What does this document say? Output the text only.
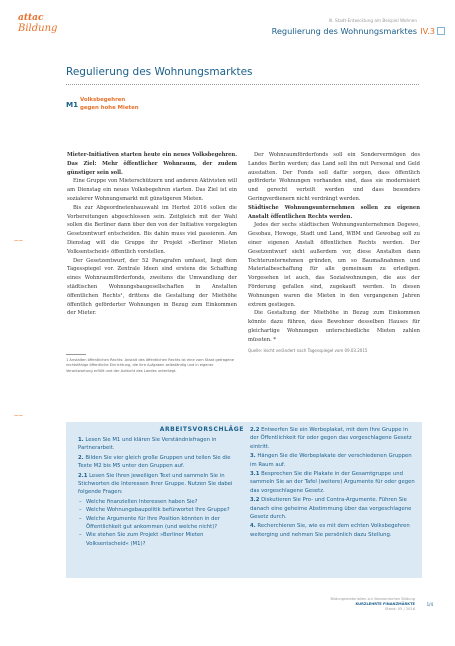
attac
Bildung
III. Stadt-Entwicklung am Beispiel Wohnen
Regulierung des Wohnungsmarktes IV.3
‒‒
‒‒
Regulierung des Wohnungsmarktes
M1 Volksbegehren
gegen hohe Mieten

Mieter-Initiativen starten heute ein neues Volksbegehren. Das Ziel: Mehr öffentlicher Wohnraum, der zudem günstiger sein soll.

Eine Gruppe von Mieterschützern und anderen Aktivisten will am Dienstag ein neues Volksbegehren starten. Das Ziel ist ein sozialerer Wohnungsmarkt mit günstigeren Mieten.

Bis zur Abgeordnetenhauswahl im Herbst 2016 sollen die Vorbereitungen abgeschlossen sein. Zeitgleich mit der Wahl sollen die Berliner dann über den von der Initiative vorgelegten Gesetzentwurf entscheiden. Bis dahin muss viel passieren. Am Dienstag will die Gruppe ihr Projekt »Berliner Mieten Volksentscheid« öffentlich vorstellen.

Der Gesetzentwurf, der 52 Paragrafen umfasst, liegt dem Tagesspiegel vor. Zentrale Ideen sind erstens die Schaffung eines Wohnraumförderfonds, zweitens die Umwandlung der städtischen Wohnungsbaugesellschaften in Anstalten öffentlichen Rechts¹, drittens die Gestaltung der Miethöhe öffentlich geförderter Wohnungen in Bezug zum Einkommen der Mieter.

Der Wohnraumförderfonds soll ein Sondervermögen des Landes Berlin werden; das Land soll ihn mit Personal und Geld ausstatten. Der Fonds soll dafür sorgen, dass öffentlich geförderte Wohnungen vorhanden sind, dass sie modernisiert und gerecht verteilt werden und dass besonders Geringverdienern nicht verdrängt werden.

Städtische Wohnungsunternehmen sollen zu eigenen Anstalt öffentlichen Rechts werden.

Jedes der sechs städtischen Wohnungsunternehmen Degewo, Gesobau, Howoge, Stadt und Land, WBM und Gewobag soll zu einer eigenen Anstalt öffentlichen Rechts werden. Der Gesetzentwurf sieht außerdem vor, diese Anstalten dann Tochterunternehmen gründen, um so Baumaßnahmen und Materialbeschaffung für alle gemeinsam zu erledigen. Vorgesehen ist auch, das Sozialwohnungen, die aus der Förderung gefallen sind, zugekauft werden. In diesen Wohnungen waren die Mieten in den vergangenen Jahren extrem gestiegen.

Die Gestaltung der Miethöhe in Bezug zum Einkommen könnte dazu führen, dass Bewohner desselben Hauses für gleichartige Wohnungen unterschiedliche Mieten zahlen müssten. *

Quelle: leicht verändert nach Tagesspiegel vom 09.03.2015
1 Anstalten öffentlichen Rechts: Anstalt des öffentlichen Rechts ist eine vom Staat getragene rechtsfähige öffentliche Einrichtung, die ihre Aufgaben selbständig und in eigener Verantwortung erfüllt und der Aufsicht des Landes unterliegt.
ARBEITSVORSCHLÄGE
1. Lesen Sie M1 und klären Sie Verständnisfragen in Partnerarbeit.
2. Bilden Sie vier gleich große Gruppen und teilen Sie die Texte M2 bis M5 unter den Gruppen auf.
2.1 Lesen Sie Ihren jeweiligen Text und sammeln Sie in Stichworten die Interessen Ihrer Gruppe. Nutzen Sie dabei folgende Fragen:
– Welche finanziellen Interessen haben Sie?
– Welche Wohnungsbaupolitik befürwortet Ihre Gruppe?
– Welche Argumente für Ihre Position könnten in der Öffentlichkeit gut ankommen (und welche nicht)?
– Wie stehen Sie zum Projekt »Berliner Mieten Volksentscheid« (M1)?
2.2 Entwerfen Sie ein Werbeplakat, mit dem Ihre Gruppe in der Öffentlichkeit für oder gegen das vorgeschlagene Gesetz eintritt.
3. Hängen Sie die Werbeplakate der verschiedenen Gruppen im Raum auf.
3.1 Besprechen Sie die Plakate in der Gesamtgruppe und sammeln Sie an der Tafel (weitere) Argumente für oder gegen das vorgeschlagene Gesetz.
3.2 Diskutieren Sie Pro- und Contra-Argumente. Führen Sie danach eine geheime Abstimmung über das vorgeschlagene Gesetz durch.
4. Recherchieren Sie, wie es mit dem echten Volksbegehren weiterging und nehmen Sie persönlich dazu Stellung.
Bildungsmaterialien zur ökonomischen Bildung
KURZLEHRTE FINANZMÄRKTE
Stand: 05 / 2016
1/4
